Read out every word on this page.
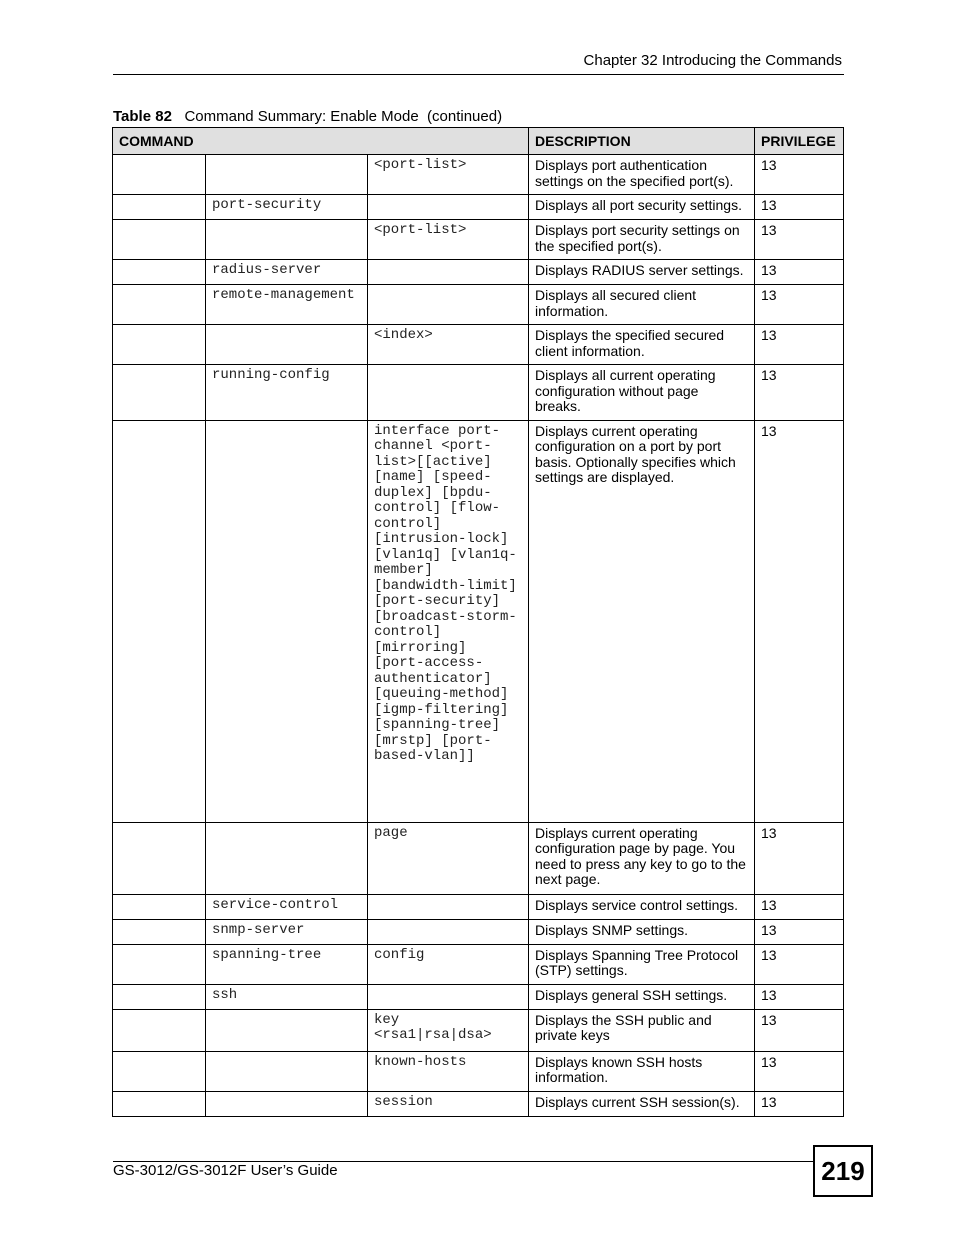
Chapter 32 Introducing the Commands
Table 82 Command Summary: Enable Mode  (continued)
COMMAND			DESCRIPTION	PRIVILEGE
		<port-list>	Displays port authentication settings on the specified port(s).	13
	port-security		Displays all port security settings.	13
		<port-list>	Displays port security settings on the specified port(s).	13
	radius-server		Displays RADIUS server settings.	13
	remote-management		Displays all secured client information.	13
		<index>	Displays the specified secured client information.	13
	running-config		Displays all current operating configuration without page breaks.	13
		interface port-channel <port-list>[[active] [name] [speed-duplex] [bpdu-control] [flow-control] [intrusion-lock] [vlan1q] [vlan1q-member] [bandwidth-limit] [port-security] [broadcast-storm-control] [mirroring] [port-access-authenticator] [queuing-method] [igmp-filtering] [spanning-tree] [mrstp] [port-based-vlan]]	Displays current operating configuration on a port by port basis. Optionally specifies which settings are displayed.	13
		page	Displays current operating configuration page by page. You need to press any key to go to the next page.	13
	service-control		Displays service control settings.	13
	snmp-server		Displays SNMP settings.	13
	spanning-tree	config	Displays Spanning Tree Protocol (STP) settings.	13
	ssh		Displays general SSH settings.	13
		key <rsa1|rsa|dsa>	Displays the SSH public and private keys	13
		known-hosts	Displays known SSH hosts information.	13
		session	Displays current SSH session(s).	13
GS-3012/GS-3012F User’s Guide	219
